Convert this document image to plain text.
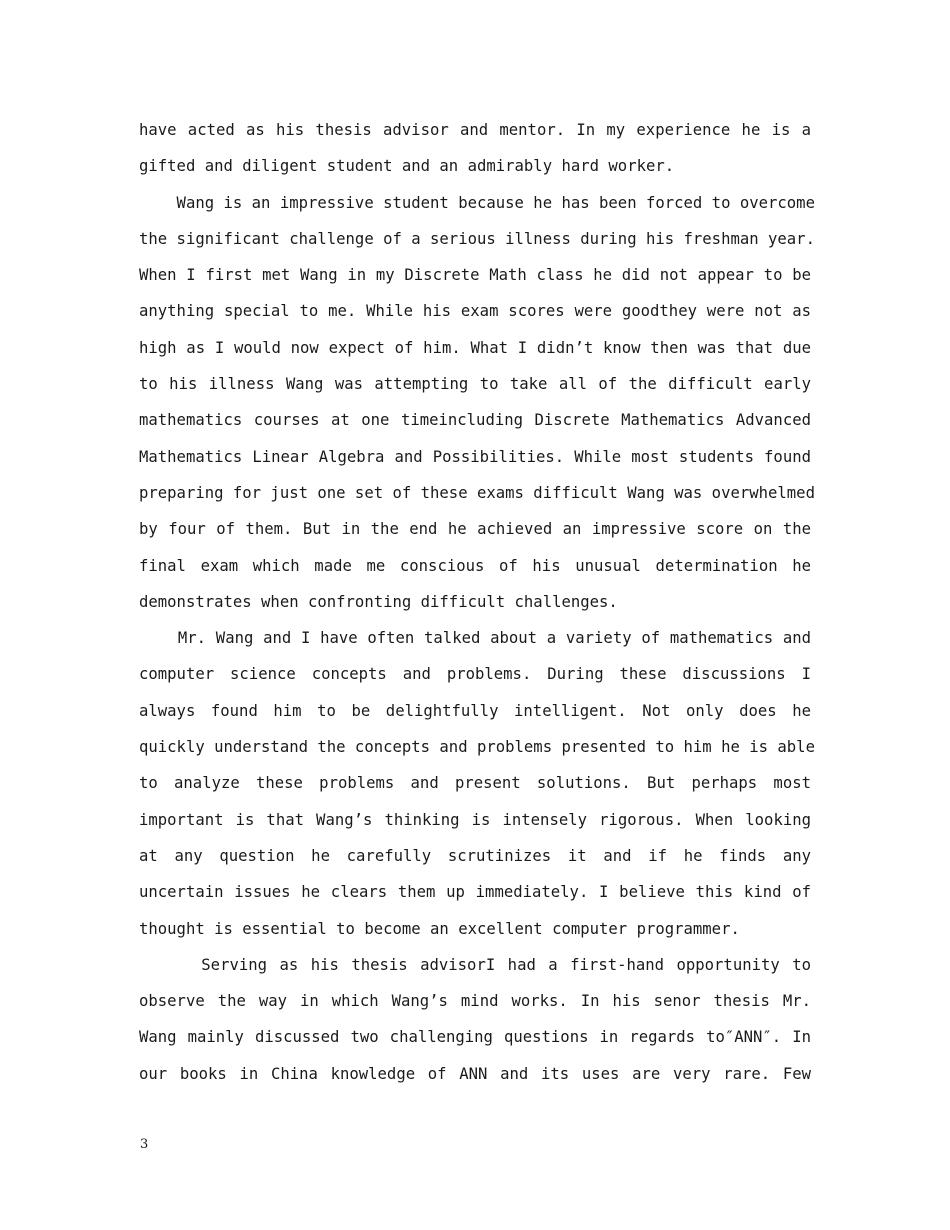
have acted as his thesis advisor and mentor. In my experience he is a
gifted and diligent student and an admirably hard worker.
Wang is an impressive student because he has been forced to overcome
the significant challenge of a serious illness during his freshman year.
When I first met Wang in my Discrete Math class he did not appear to be
anything special to me. While his exam scores were goodthey were not as
high as I would now expect of him. What I didn’t know then was that due
to his illness Wang was attempting to take all of the difficult early
mathematics courses at one timeincluding Discrete Mathematics Advanced
Mathematics Linear Algebra and Possibilities. While most students found
preparing for just one set of these exams difficult Wang was overwhelmed
by four of them. But in the end he achieved an impressive score on the
final exam which made me conscious of his unusual determination he
demonstrates when confronting difficult challenges.
Mr. Wang and I have often talked about a variety of mathematics and
computer science concepts and problems. During these discussions I
always found him to be delightfully intelligent. Not only does he
quickly understand the concepts and problems presented to him he is able
to analyze these problems and present solutions. But perhaps most
important is that Wang’s thinking is intensely rigorous. When looking
at any question he carefully scrutinizes it and if he finds any
uncertain issues he clears them up immediately. I believe this kind of
thought is essential to become an excellent computer programmer.
Serving as his thesis advisorI had a first-hand opportunity to
observe the way in which Wang’s mind works. In his senor thesis Mr.
Wang mainly discussed two challenging questions in regards to″ANN″. In
our books in China knowledge of ANN and its uses are very rare. Few
3
